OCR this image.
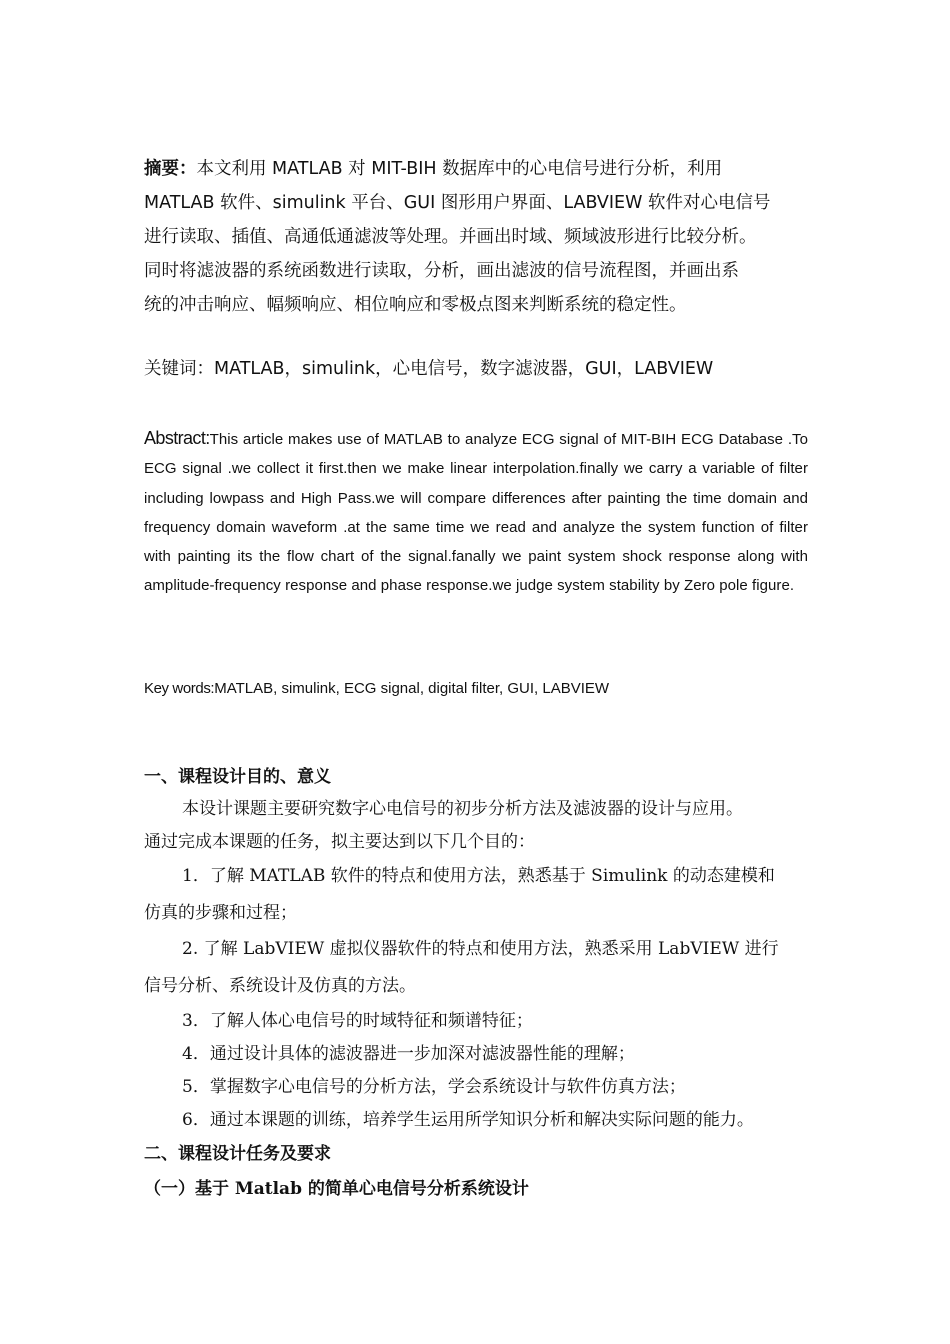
摘要：本文利用 MATLAB 对 MIT-BIH 数据库中的心电信号进行分析，利用
MATLAB 软件、simulink 平台、GUI 图形用户界面、LABVIEW 软件对心电信号
进行读取、插值、高通低通滤波等处理。并画出时域、频域波形进行比较分析。
同时将滤波器的系统函数进行读取，分析，画出滤波的信号流程图，并画出系
统的冲击响应、幅频响应、相位响应和零极点图来判断系统的稳定性。
关键词：MATLAB，simulink，心电信号，数字滤波器，GUI，LABVIEW
Abstract:This article makes use of MATLAB to analyze ECG signal of MIT-BIH ECG Database .To ECG signal .we collect it first.then we make linear interpolation.finally we carry a variable of filter including lowpass and High Pass.we will compare differences after painting the time domain and frequency domain waveform .at the same time we read and analyze the system function of filter with painting its the flow chart of the signal.fanally we paint system shock response along with amplitude-frequency response and phase response.we judge system stability by Zero pole figure.
Key words:MATLAB, simulink, ECG signal, digital filter, GUI, LABVIEW
一、课程设计目的、意义
本设计课题主要研究数字心电信号的初步分析方法及滤波器的设计与应用。
通过完成本课题的任务，拟主要达到以下几个目的：
1．了解 MATLAB 软件的特点和使用方法，熟悉基于 Simulink 的动态建模和
仿真的步骤和过程；
2. 了解 LabVIEW 虚拟仪器软件的特点和使用方法，熟悉采用 LabVIEW 进行
信号分析、系统设计及仿真的方法。
3．了解人体心电信号的时域特征和频谱特征；
4．通过设计具体的滤波器进一步加深对滤波器性能的理解；
5．掌握数字心电信号的分析方法，学会系统设计与软件仿真方法；
6．通过本课题的训练，培养学生运用所学知识分析和解决实际问题的能力。
二、课程设计任务及要求
（一）基于 Matlab 的简单心电信号分析系统设计
